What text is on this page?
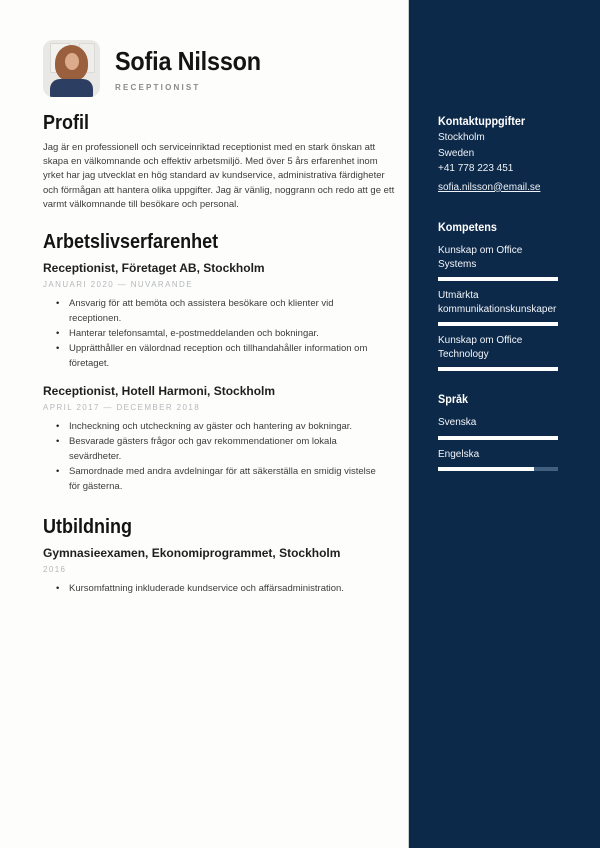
Sofia Nilsson
RECEPTIONIST
Profil

Jag är en professionell och serviceinriktad receptionist med en stark önskan att skapa en välkomnande och effektiv arbetsmiljö. Med över 5 års erfarenhet inom yrket har jag utvecklat en hög standard av kundservice, administrativa färdigheter och förmågan att hantera olika uppgifter. Jag är vänlig, noggrann och redo att ge ett varmt välkomnande till besökare och personal.

Arbetslivserfarenhet
Receptionist, Företaget AB, Stockholm
JANUARI 2020 — NUVARANDE
• Ansvarig för att bemöta och assistera besökare och klienter vid receptionen.
• Hanterar telefonsamtal, e-postmeddelanden och bokningar.
• Upprätthåller en välordnad reception och tillhandahåller information om företaget.
Receptionist, Hotell Harmoni, Stockholm
APRIL 2017 — DECEMBER 2018
• Incheckning och utcheckning av gäster och hantering av bokningar.
• Besvarade gästers frågor och gav rekommendationer om lokala sevärdheter.
• Samordnade med andra avdelningar för att säkerställa en smidig vistelse för gästerna.
Utbildning
Gymnasieexamen, Ekonomiprogrammet, Stockholm
2016
• Kursomfattning inkluderade kundservice och affärsadministration.
Kontaktuppgifter
Stockholm
Sweden
+41 778 223 451
sofia.nilsson@email.se
Kompetens
Kunskap om Office Systems
Utmärkta kommunikationskunskaper
Kunskap om Office Technology
Språk
Svenska
Engelska
